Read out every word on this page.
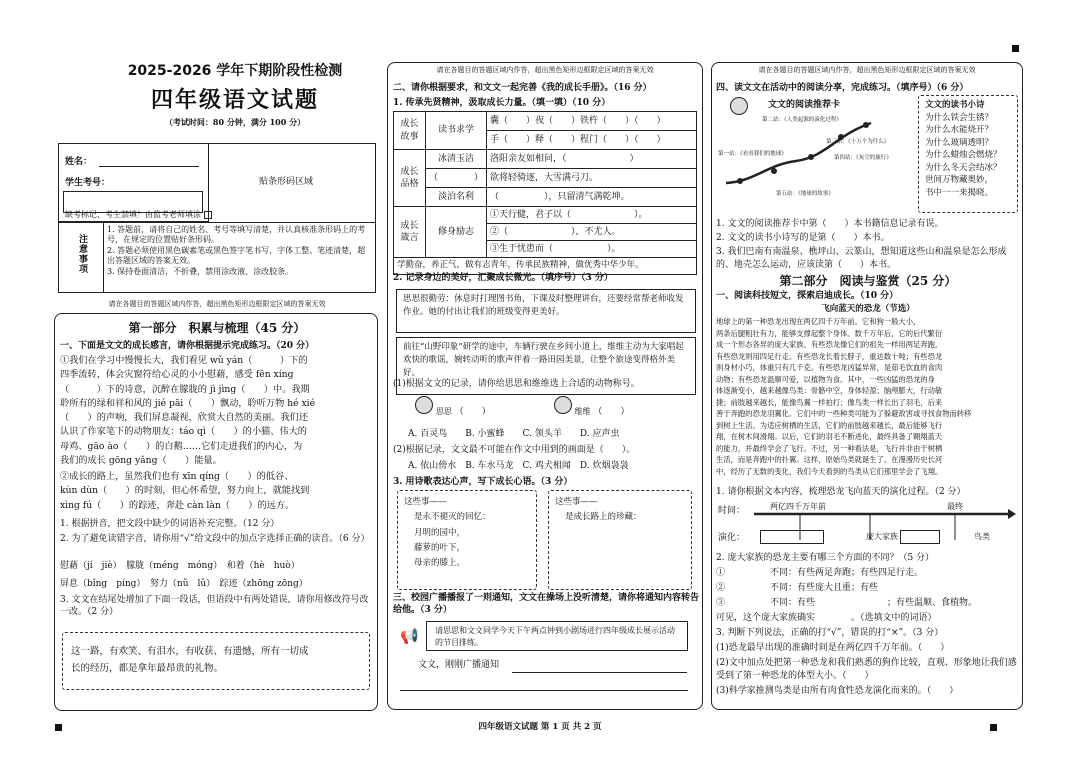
2025-2026 学年下期阶段性检测
四年级语文试题
（考试时间：80 分钟，满分 100 分）
姓名：
学生考号：	贴条形码区域
缺考标记，考生禁填！由监考老师填涂
注意事项
1. 答题前，请将自己的姓名、考号等填写清楚，并认真核准条形码上的考号，在规定的位置贴好条形码。
2. 答题必须使用黑色碳素笔或黑色签字笔书写，字体工整、笔迹清楚，超出答题区域的答案无效。
3. 保持卷面清洁，不折叠，禁用涂改液、涂改胶条。
请在各题目的答题区域内作答，超出黑色矩形边框限定区域的答案无效
第一部分　积累与梳理（45 分）
一、下面是文文的成长感言，请你根据提示完成练习。（20 分）
①我们在学习中慢慢长大，我们看见 wǔ yán（　　　）下的
四季流转，体会灾窗符给心灵的小小慰藉，感受 fēn xíng
（　　　）下的诗意，沉醉在朦胧的 jì jìng（　　）中。我期
聆所有的绿和祥和风的 jié pāi（　　）飘动，聆听万物 hé xié
（　　）的声响，我们屏息凝视，欣赏大自然的美丽。我们还
认识了作家笔下的动物朋友：táo qì（　　）的小猫、伟大的
母鸡、gāo ào（　　）的白鹅……它们走进我们的内心，为
我们的成长 gōng yǎng（　　）能量。
②成长的路上，虽然我们也有 xīn qíng（　　）的低谷、
kùn dùn（　　）的时刻，但心怀希望，努力向上，就能找到
xìng fú（　　）的踪迹，奔赴 càn làn（　　）的远方。
1. 根据拼音，把文段中缺少的词语补充完整。（12 分）
2. 为了避免读错字音，请你用“√”给文段中的加点字选择正确的读音。（6 分）
慰藉（jí　jiè）　朦胧（méng　móng）　和着（hè　huò）
屏息（bǐng　píng）　努力（nǔ　lǔ）　踪迹（zhōng zōng）
3. 文文在结尾处增加了下面一段话，但语段中有两处错误，请你用修改符号改一改。（2 分）
这一路，有欢笑、有泪水，有收获、有遗憾，所有一切成
长的经历，都是拿年最昂贵的礼物。
请在各题目的答题区域内作答，超出黑色矩形边框限定区域的答案无效
二、请你根据要求，和文文一起完善《我的成长手册》。（16 分）
1. 传承先贤精神，汲取成长力量。（填一填）（10 分）
成长故事	读书求学	囊（　　）夜（　　）铁杵（　　）（　　）
		手（　　）释（　　）程门（　　）（　　）
成长品格	冰清玉洁	洛阳亲友如相问，（　　　　　　　）
	（　　　　）	欲将轻骑逐，大雪满弓刀。
	淡泊名利	（　　　　　），只留清气满乾坤。
成长箴言	修身励志	①天行健，君子以（　　　　　　　）。
		②（　　　　　　　），不尤人。
		③生于忧患而（　　　　　　）。
学勤奋，养正气，做有志青年，传承民族精神，做优秀中华少年。		
2. 记录身边的美好，汇聚成长微光。（填序号）（3 分）
思思很勤劳：休息时打理图书角，下课及时整理讲台，还要经常帮老师收发作业。她的付出让我们的班级变得更美好。
前往“山野印象”研学的途中，车辆行驶在乡间小道上，维维主动为大家唱起欢快的歌谣，婉转动听的歌声伴着一路田园美景，让整个旅途变得格外美好。
(1)根据文文的记录，请你给思思和维维选上合适的动物称号。
思思 （　　）	维维 （　　）
A. 百灵鸟　　B. 小蜜蜂　　C. 领头羊　　D. 应声虫
(2)根据记录，文文最不可能在作文中用到的画面是（　　）。
A. 依山傍水　B. 车水马龙　C. 鸡犬相闻　D. 炊烟袅袅
3. 用诗歌表达心声，写下成长心语。（3 分）
这些事——
是永不褪灭的回忆：
月明的园中，
藤萝的叶下，
母亲的膝上。
这些事——
是成长路上的珍藏：
三、校园广播播报了一则通知，文文在操场上没听清楚，请你将通知内容转告给他。（3 分）
📢	请思思和文文同学今天下午两点钟到小剧场进行四年级成长展示活动的节目排练。
文文，刚刚广播通知
请在各题目的答题区域内作答，超出黑色矩形边框限定区域的答案无效
四、读文文在活动中的阅读分享，完成练习。（填序号）（6 分）
文文的阅读推荐卡
第二站：《人类起源的演化过程》
第三站：《十万个为什么》
第一站：《看看我们的地球》
第四站：《灰尘的旅行》
第五站：《地球的故事》
文文的读书小诗
为什么铁会生锈？
为什么水能烧开？
为什么玻璃透明？
为什么蜡烛会燃烧？
为什么冬天会结冰？
世间万物藏奥妙，
书中一一来揭晓。
1. 文文的阅读推荐卡中第（　　）本书籍信息记录有误。
2. 文文的读书小诗写的是第（　　）本书。
3. 我们巴南有南温泉、樵坪山、云篆山，想知道这些山和温泉是怎么形成的、地壳怎么运动，应该读第（　　）本书。
第二部分　阅读与鉴赏（25 分）
一、阅读科技短文，探索启迪成长。（10 分）
飞向蓝天的恐龙（节选）
地球上的第一种恐龙出现在两亿四千万年前。它和狗一般大小，
两条后腿粗壮有力，能够支撑起整个身体。数千万年后，它的后代繁衍
成一个形态各异的庞大家族。有些恐龙像它们的祖先一样用两足奔跑，
有些恐龙则用四足行走。有些恐龙长着长脖子，重达数十吨；有些恐龙
则身材小巧，体重只有几千克。有些恐龙凶猛异常，是茹毛饮血的食肉
动物；有些恐龙温顺可爱，以植物为食。其中，一些凶猛的恐龙的身
体逐渐变小，越来越像鸟类：骨骼中空，身体轻盈；脑颅膨大，行动敏
捷；前肢越来越长，能像鸟翼一样拍打；像鸟类一样长出了羽毛，后来
善于奔跑的恐龙羽翼化。它们中的一些种类可能为了躲避敌害或寻找食物而转移
到树上生活。为适应树栖的生活，它们的前肢越来越长，最后能够飞行
翔，在树木间滑翔。以后，它们的羽毛不断进化，最终具备了翱翔蓝天
的能力，并最终学会了飞行。不过，另一种看法是，飞行并非由于树栖
生活，而是奔跑中的扑翼。这样，原始鸟类就诞生了。在漫漫历史长河
中，经历了无数的变化，我们今天看到的鸟类从它们那里学会了飞翔。
1. 请你根据文本内容，梳理恐龙飞向蓝天的演化过程。（2 分）
时间：	两亿四千万年前	最终
演化：	庞大家族	鸟类
2. 庞大家族的恐龙主要有哪三个方面的不同？（5 分）
①　　　　　不同：有些两足奔跑；有些四足行走。
②　　　　　不同：有些庞大且重；有些
③　　　　　不同：有些　　　　　　　　；有些温顺、食植物。
可见，这个庞大家族确实　　　　。（选填文中的词语）
3. 判断下列说法，正确的打“√”，错误的打“×”。（3 分）
(1)恐龙最早出现的准确时间是在两亿四千万年前。（　　）
(2)文中加点处把第一种恐龙和我们熟悉的狗作比较，直观、形象地让我们感受到了第一种恐龙的体型大小。（　　）
(3)科学家推测鸟类是由所有肉食性恐龙演化而来的。（　　）
四年级语文试题 第 1 页 共 2 页
